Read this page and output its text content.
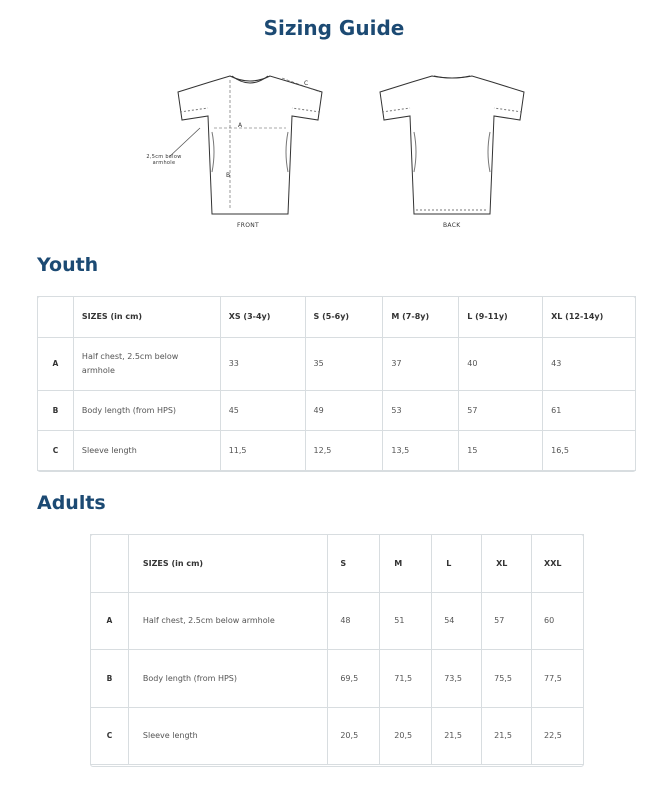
Sizing Guide
A
B
C
2,5cm below armhole
FRONT	BACK
Youth
	SIZES (in cm)	XS (3-4y)	S (5-6y)	M (7-8y)	L (9-11y)	XL (12-14y)
A	Half chest, 2.5cm below armhole	33	35	37	40	43
B	Body length (from HPS)	45	49	53	57	61
C	Sleeve length	11,5	12,5	13,5	15	16,5
Adults
	SIZES (in cm)	S	M	L	XL	XXL
A	Half chest, 2.5cm below armhole	48	51	54	57	60
B	Body length (from HPS)	69,5	71,5	73,5	75,5	77,5
C	Sleeve length	20,5	20,5	21,5	21,5	22,5
